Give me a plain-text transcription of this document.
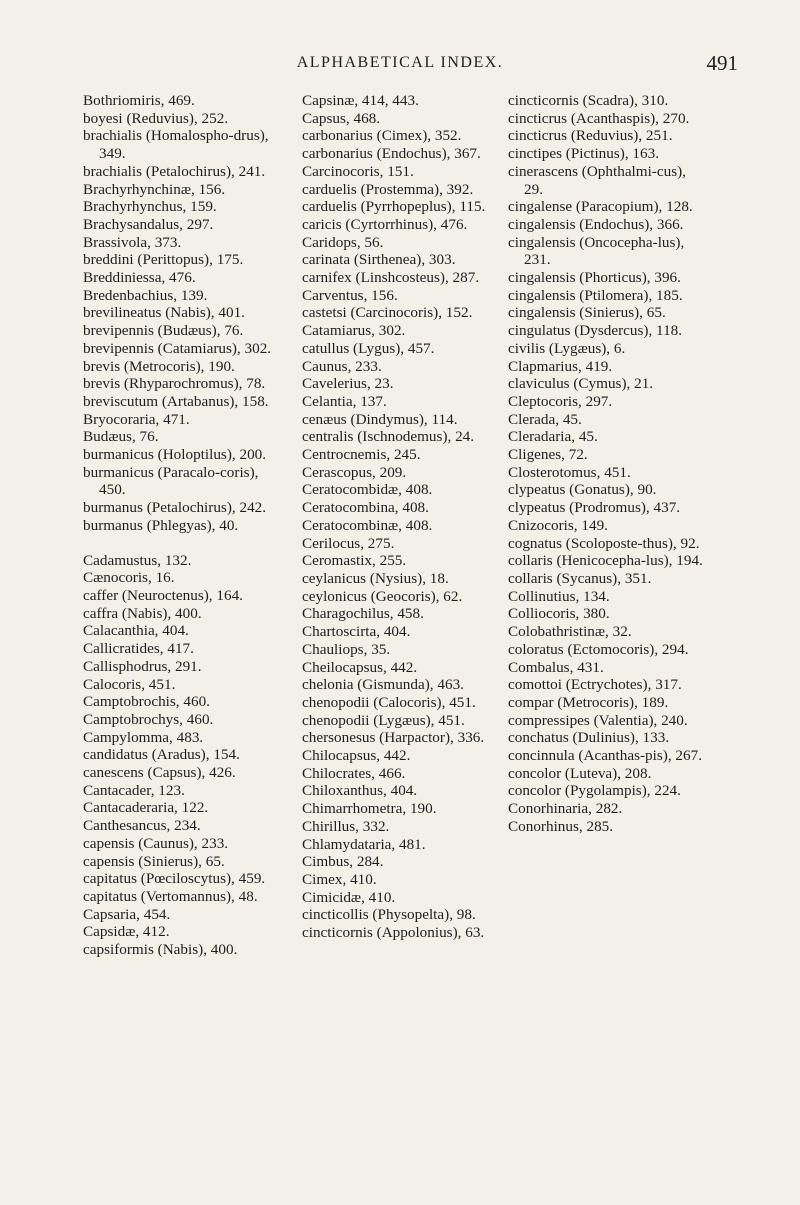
ALPHABETICAL INDEX.	491
Bothriomiris, 469.
boyesi (Reduvius), 252.
brachialis (Homalospho-drus), 349.
brachialis (Petalochirus), 241.
Brachyrhynchinæ, 156.
Brachyrhynchus, 159.
Brachysandalus, 297.
Brassivola, 373.
breddini (Perittopus), 175.
Breddiniessa, 476.
Bredenbachius, 139.
brevilineatus (Nabis), 401.
brevipennis (Budæus), 76.
brevipennis (Catamiarus), 302.
brevis (Metrocoris), 190.
brevis (Rhyparochromus), 78.
breviscutum (Artabanus), 158.
Bryocoraria, 471.
Budæus, 76.
burmanicus (Holoptilus), 200.
burmanicus (Paracalo-coris), 450.
burmanus (Petalochirus), 242.
burmanus (Phlegyas), 40.
Cadamustus, 132.
Cænocoris, 16.
caffer (Neuroctenus), 164.
caffra (Nabis), 400.
Calacanthia, 404.
Callicratides, 417.
Callisphodrus, 291.
Calocoris, 451.
Camptobrochis, 460.
Camptobrochys, 460.
Campylomma, 483.
candidatus (Aradus), 154.
canescens (Capsus), 426.
Cantacader, 123.
Cantacaderaria, 122.
Canthesancus, 234.
capensis (Caunus), 233.
capensis (Sinierus), 65.
capitatus (Pœcilosсytus), 459.
capitatus (Vertomannus), 48.
Capsaria, 454.
Capsidæ, 412.
capsiformis (Nabis), 400.
Capsinæ, 414, 443.
Capsus, 468.
carbonarius (Cimex), 352.
carbonarius (Endochus), 367.
Carcinocoris, 151.
carduelis (Prostemma), 392.
carduelis (Pyrrhopeplus), 115.
caricis (Cyrtorrhinus), 476.
Caridops, 56.
carinata (Sirthenea), 303.
carnifex (Linshcosteus), 287.
Carventus, 156.
castetsi (Carcinocoris), 152.
Catamiarus, 302.
catullus (Lygus), 457.
Caunus, 233.
Cavelerius, 23.
Celantia, 137.
cenæus (Dindymus), 114.
centralis (Ischnodemus), 24.
Centrocnemis, 245.
Cerascopus, 209.
Ceratocombidæ, 408.
Ceratocombina, 408.
Ceratocombinæ, 408.
Cerilocus, 275.
Ceromastix, 255.
ceylanicus (Nysius), 18.
ceylonicus (Geocoris), 62.
Charagochilus, 458.
Chartoscirta, 404.
Chauliops, 35.
Cheilocapsus, 442.
chelonia (Gismunda), 463.
chenopodii (Calocoris), 451.
chenopodii (Lygæus), 451.
chersonesus (Harpactor), 336.
Chilocapsus, 442.
Chilocrates, 466.
Chiloxanthus, 404.
Chimarrhometra, 190.
Chirillus, 332.
Chlamydataria, 481.
Cimbus, 284.
Cimex, 410.
Cimicidæ, 410.
cincticollis (Physopelta), 98.
cincticornis (Appolonius), 63.
cincticornis (Scadra), 310.
cincticrus (Acanthaspis), 270.
cincticrus (Reduvius), 251.
cinctipes (Pictinus), 163.
cinerascens (Ophthalmi-cus), 29.
cingalense (Paracopium), 128.
cingalensis (Endochus), 366.
cingalensis (Oncocepha-lus), 231.
cingalensis (Phorticus), 396.
cingalensis (Ptilomera), 185.
cingalensis (Sinierus), 65.
cingulatus (Dysdercus), 118.
civilis (Lygæus), 6.
Clapmarius, 419.
claviculus (Cymus), 21.
Cleptocoris, 297.
Clerada, 45.
Cleradaria, 45.
Cligenes, 72.
Closterotomus, 451.
clypeatus (Gonatus), 90.
clypeatus (Prodromus), 437.
Cnizocoris, 149.
cognatus (Scoloposte-thus), 92.
collaris (Henicocepha-lus), 194.
collaris (Sycanus), 351.
Collinutius, 134.
Colliocoris, 380.
Colobathristinæ, 32.
coloratus (Ectomocoris), 294.
Combalus, 431.
comottoi (Ectrychotes), 317.
compar (Metrocoris), 189.
compressipes (Valentia), 240.
conchatus (Dulinius), 133.
concinnula (Acanthas-pis), 267.
concolor (Luteva), 208.
concolor (Pygolampis), 224.
Conorhinaria, 282.
Conorhinus, 285.
